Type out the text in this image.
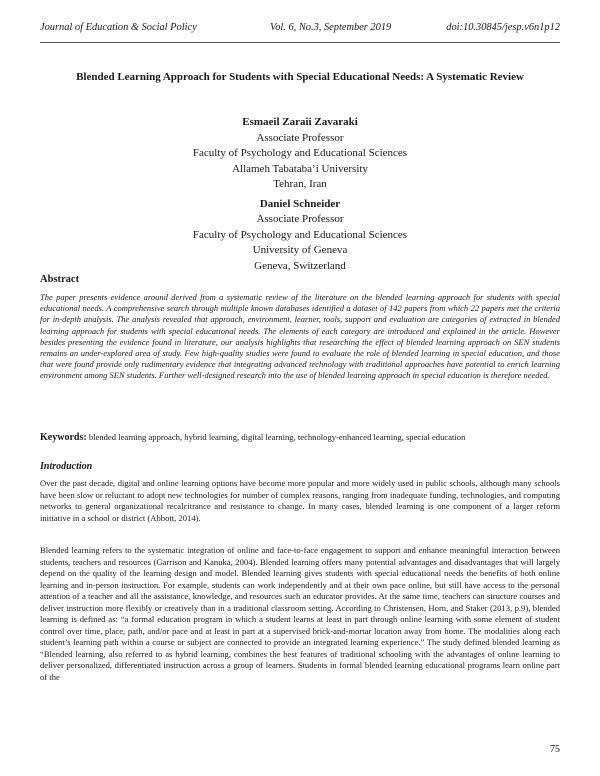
Journal of Education & Social Policy	Vol. 6, No.3, September 2019	doi:10.30845/jesp.v6n1p12
Blended Learning Approach for Students with Special Educational Needs: A Systematic Review
Esmaeil Zaraii Zavaraki
Associate Professor
Faculty of Psychology and Educational Sciences
Allameh Tabataba’i University
Tehran, Iran
Daniel Schneider
Associate Professor
Faculty of Psychology and Educational Sciences
University of Geneva
Geneva, Switzerland
Abstract

The paper presents evidence around derived from a systematic review of the literature on the blended learning approach for students with special educational needs. A comprehensive search through multiple known databases identified a dataset of 142 papers from which 22 papers met the criteria for in-depth analysis. The analysis revealed that approach, environment, learner, tools, support and evaluation are categories of extracted in blended learning approach for students with special educational needs. The elements of each category are introduced and explained in the article. However besides presenting the evidence found in literature, our analysis highlights that researching the effect of blended learning approach on SEN students remains an under-explored area of study. Few high-quality studies were found to evaluate the role of blended learning in special education, and those that were found provide only rudimentary evidence that integrating advanced technology with traditional approaches have potential to enrich learning environment among SEN students. Further well-designed research into the use of blended learning approach in special education is therefore needed.

Keywords: blended learning approach, hybrid learning, digital learning, technology-enhanced learning, special education

Introduction

Over the past decade, digital and online learning options have become more popular and more widely used in public schools, although many schools have been slow or reluctant to adopt new technologies for number of complex reasons, ranging from inadequate funding, technologies, and computing networks to general organizational recalcitrance and resistance to change. In many cases, blended learning is one component of a larger reform initiative in a school or district (Abbott, 2014).

Blended learning refers to the systematic integration of online and face-to-face engagement to support and enhance meaningful interaction between students, teachers and resources (Garrison and Kanuka, 2004). Blended learning offers many potential advantages and disadvantages that will largely depend on the quality of the learning design and model. Blended learning gives students with special educational needs the benefits of both online learning and in-person instruction. For example, students can work independently and at their own pace online, but still have access to the personal attention of a teacher and all the assistance, knowledge, and resources such an educator provides. At the same time, teachers can structure courses and deliver instruction more flexibly or creatively than in a traditional classroom setting. According to Christensen, Horn, and Staker (2013, p.9), blended learning is defined as: “a formal education program in which a student learns at least in part through online learning with some element of student control over time, place, path, and/or pace and at least in part at a supervised brick-and-mortar location away from home. The modalities along each student’s learning path within a course or subject are connected to provide an integrated learning experience.” The study defined blended learning as “Blended learning, also referred to as hybrid learning, combines the best features of traditional schooling with the advantages of online learning to deliver personalized, differentiated instruction across a group of learners. Students in formal blended learning educational programs learn online part of the

75
